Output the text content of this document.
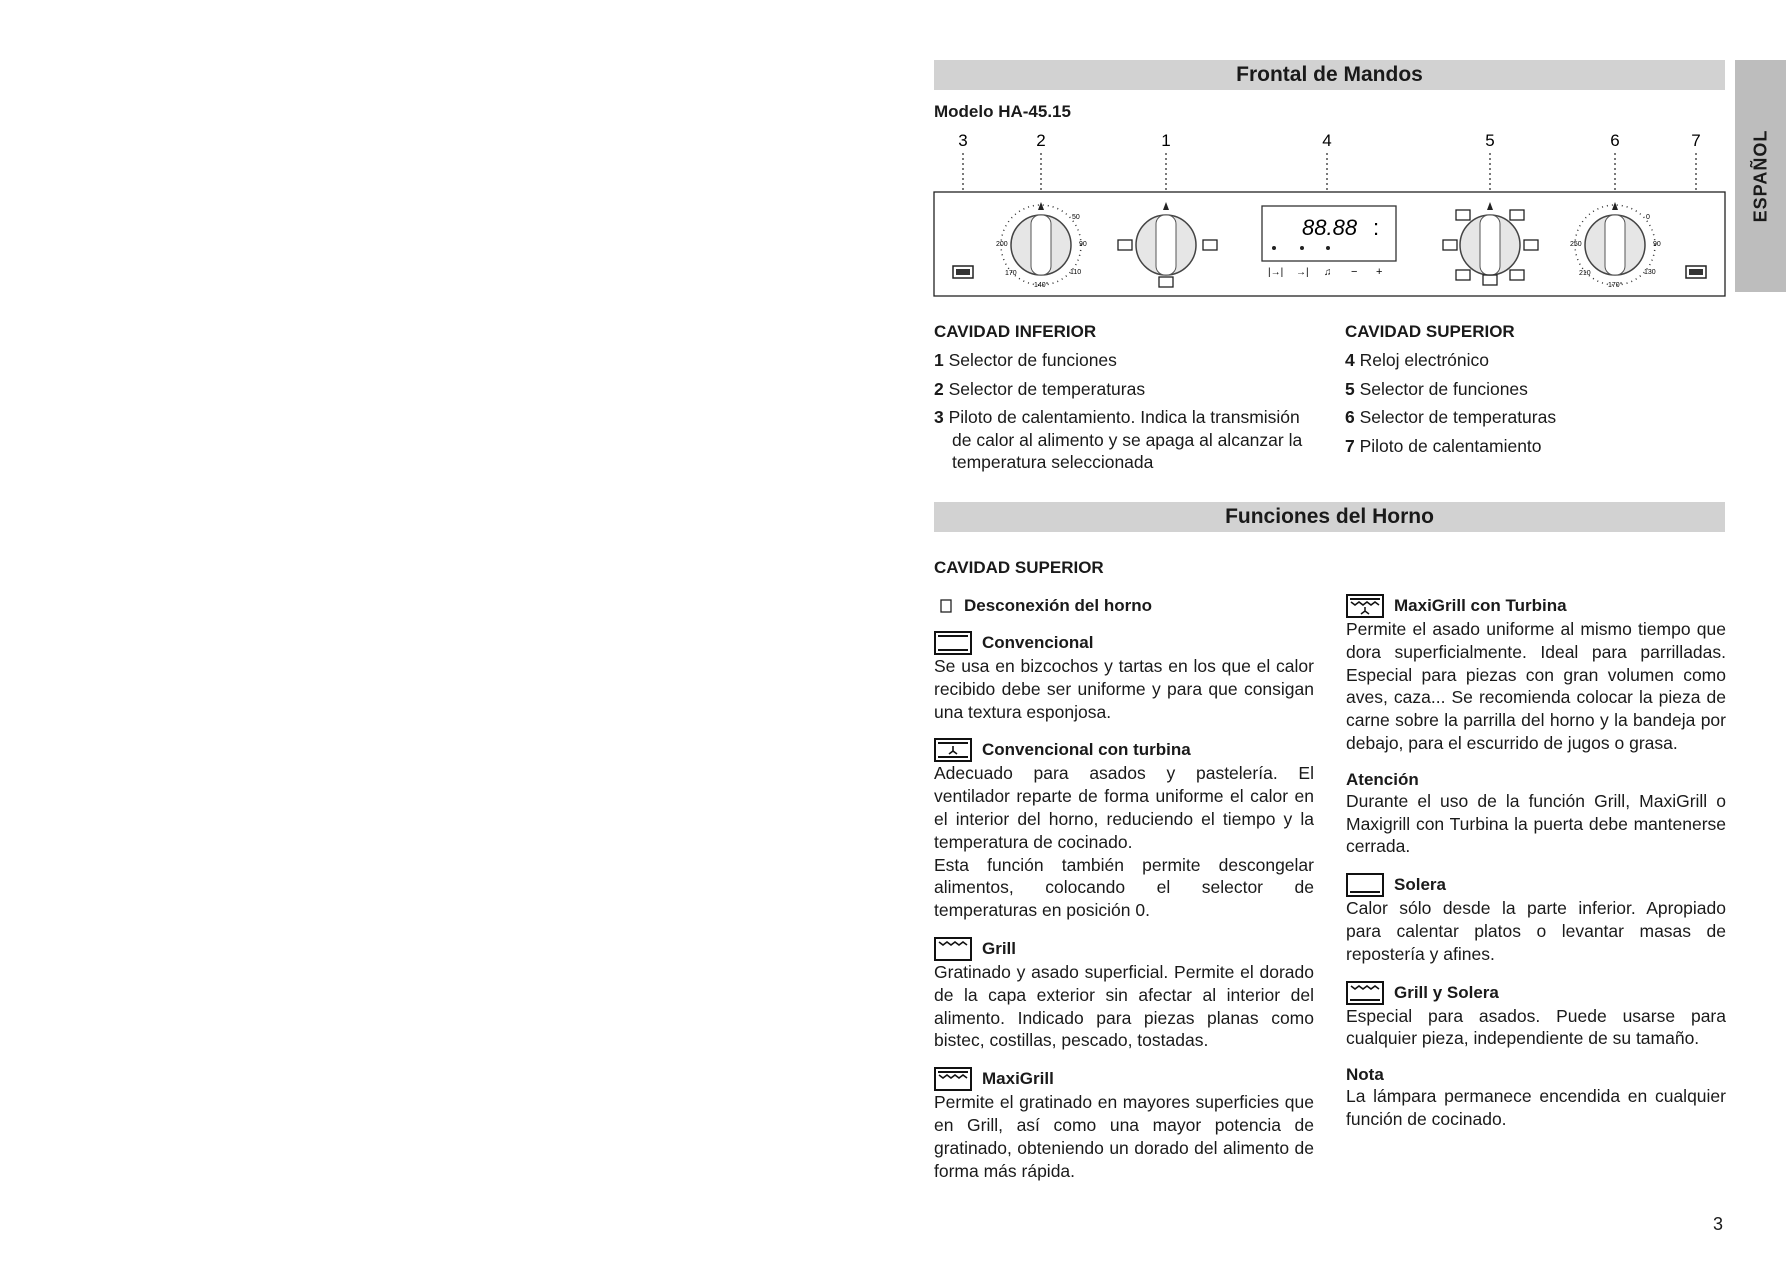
ESPAÑOL
Frontal de Mandos
Modelo HA-45.15
3	2	1	4	5	6	7
50
90
110
140°
170
200
88.88 :
|→| →| ♫ − +
0
90
130
170°
210
250
CAVIDAD INFERIOR
1 Selector de funciones
2 Selector de temperaturas
3 Piloto de calentamiento. Indica la transmisión de calor al alimento y se apaga al alcanzar la temperatura seleccionada
CAVIDAD SUPERIOR
4 Reloj electrónico
5 Selector de funciones
6 Selector de temperaturas
7 Piloto de calentamiento
Funciones del Horno
CAVIDAD SUPERIOR
Desconexión del horno
Convencional
Se usa en bizcochos y tartas en los que el calor recibido debe ser uniforme y para que consigan una textura esponjosa.
Convencional con turbina
Adecuado para asados y pastelería. El ventilador reparte de forma uniforme el calor en el interior del horno, reduciendo el tiempo y la temperatura de cocinado.
Esta función también permite descongelar alimentos, colocando el selector de temperaturas en posición 0.
Grill
Gratinado y asado superficial. Permite el dorado de la capa exterior sin afectar al interior del alimento. Indicado para piezas planas como bistec, costillas, pescado, tostadas.
MaxiGrill
Permite el gratinado en mayores superficies que en Grill, así como una mayor potencia de gratinado, obteniendo un dorado del alimento de forma más rápida.
MaxiGrill con Turbina
Permite el asado uniforme al mismo tiempo que dora superficialmente. Ideal para parrilladas. Especial para piezas con gran volumen como aves, caza... Se recomienda colocar la pieza de carne sobre la parrilla del horno y la bandeja por debajo, para el escurrido de jugos o grasa.
Atención
Durante el uso de la función Grill, MaxiGrill o Maxigrill con Turbina la puerta debe mantenerse cerrada.
Solera
Calor sólo desde la parte inferior. Apropiado para calentar platos o levantar masas de repostería y afines.
Grill y Solera
Especial para asados. Puede usarse para cualquier pieza, independiente de su tamaño.
Nota
La lámpara permanece encendida en cualquier función de cocinado.
3
